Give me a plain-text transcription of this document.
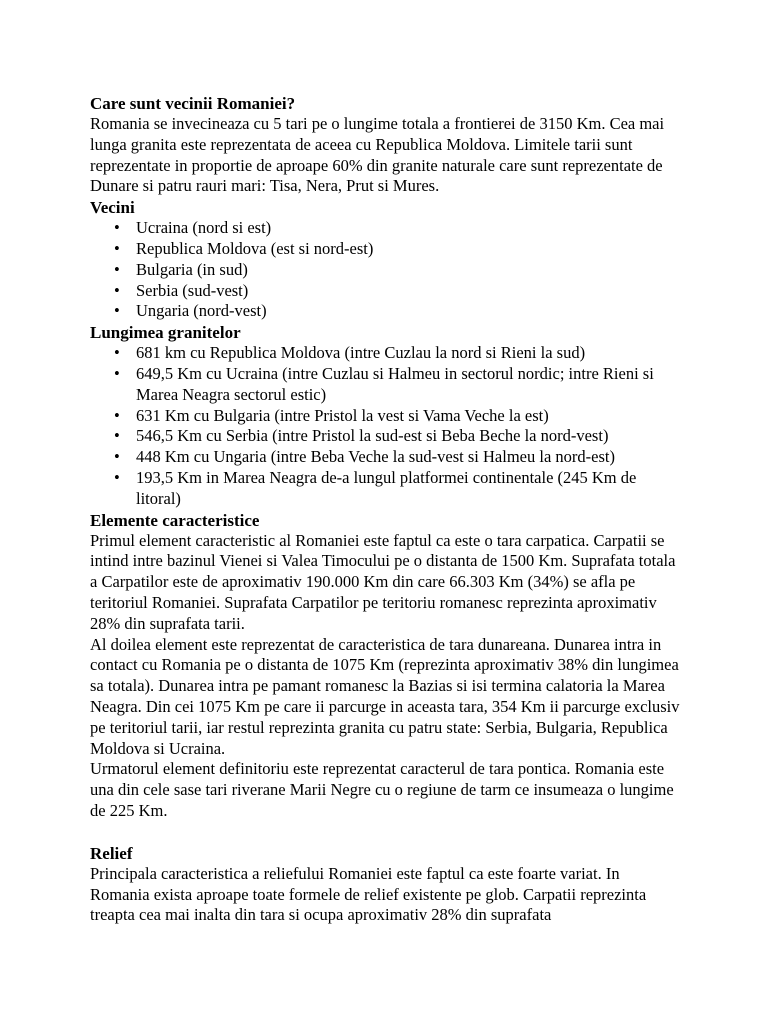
Care sunt vecinii Romaniei?

Romania se invecineaza cu 5 tari pe o lungime totala a frontierei de 3150 Km. Cea mai lunga granita este reprezentata de aceea cu Republica Moldova. Limitele tarii sunt reprezentate in proportie de aproape 60% din granite naturale care sunt reprezentate de Dunare si patru rauri mari: Tisa, Nera, Prut si Mures.

Vecini

• Ucraina (nord si est)
• Republica Moldova (est si nord-est)
• Bulgaria (in sud)
• Serbia (sud-vest)
• Ungaria (nord-vest)

Lungimea granitelor

• 681 km cu Republica Moldova (intre Cuzlau la nord si Rieni la sud)
• 649,5 Km cu Ucraina (intre Cuzlau si Halmeu in sectorul nordic; intre Rieni si Marea Neagra sectorul estic)
• 631 Km cu Bulgaria (intre Pristol la vest si Vama Veche la est)
• 546,5 Km cu Serbia (intre Pristol la sud-est si Beba Beche la nord-vest)
• 448 Km cu Ungaria (intre Beba Veche la sud-vest si Halmeu la nord-est)
• 193,5 Km in Marea Neagra de-a lungul platformei continentale (245 Km de litoral)

Elemente caracteristice

Primul element caracteristic al Romaniei este faptul ca este o tara carpatica. Carpatii se intind intre bazinul Vienei si Valea Timocului pe o distanta de 1500 Km. Suprafata totala a Carpatilor este de aproximativ 190.000 Km din care 66.303 Km (34%) se afla pe teritoriul Romaniei. Suprafata Carpatilor pe teritoriu romanesc reprezinta aproximativ 28% din suprafata tarii.

Al doilea element este reprezentat de caracteristica de tara dunareana. Dunarea intra in contact cu Romania pe o distanta de 1075 Km (reprezinta aproximativ 38% din lungimea sa totala). Dunarea intra pe pamant romanesc la Bazias si isi termina calatoria la Marea Neagra. Din cei 1075 Km pe care ii parcurge in aceasta tara, 354 Km ii parcurge exclusiv pe teritoriul tarii, iar restul reprezinta granita cu patru state: Serbia, Bulgaria, Republica Moldova si Ucraina.

Urmatorul element definitoriu este reprezentat caracterul de tara pontica. Romania este una din cele sase tari riverane Marii Negre cu o regiune de tarm ce insumeaza o lungime de 225 Km.

Relief

Principala caracteristica a reliefului Romaniei este faptul ca este foarte variat. In Romania exista aproape toate formele de relief existente pe glob. Carpatii reprezinta treapta cea mai inalta din tara si ocupa aproximativ 28% din suprafata
